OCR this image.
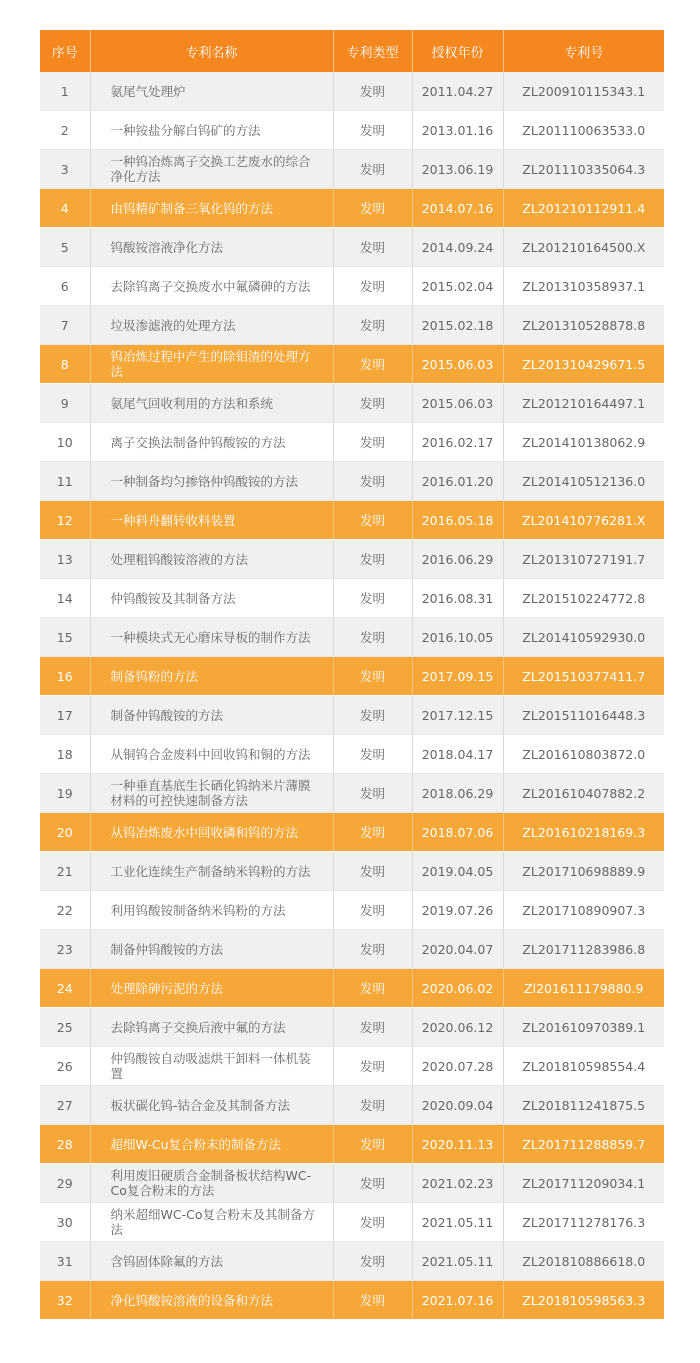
序号	专利名称	专利类型	授权年份	专利号
1	氨尾气处理炉	发明	2011.04.27	ZL200910115343.1
2	一种铵盐分解白钨矿的方法	发明	2013.01.16	ZL201110063533.0
3	一种钨冶炼离子交换工艺废水的综合净化方法	发明	2013.06.19	ZL201110335064.3
4	由钨精矿制备三氧化钨的方法	发明	2014.07.16	ZL201210112911.4
5	钨酸铵溶液净化方法	发明	2014.09.24	ZL201210164500.X
6	去除钨离子交换废水中氟磷砷的方法	发明	2015.02.04	ZL201310358937.1
7	垃圾渗滤液的处理方法	发明	2015.02.18	ZL201310528878.8
8	钨冶炼过程中产生的除钼渣的处理方法	发明	2015.06.03	ZL201310429671.5
9	氨尾气回收利用的方法和系统	发明	2015.06.03	ZL201210164497.1
10	离子交换法制备仲钨酸铵的方法	发明	2016.02.17	ZL201410138062.9
11	一种制备均匀掺铬仲钨酸铵的方法	发明	2016.01.20	ZL201410512136.0
12	一种料舟翻转收料装置	发明	2016.05.18	ZL201410776281.X
13	处理粗钨酸铵溶液的方法	发明	2016.06.29	ZL201310727191.7
14	仲钨酸铵及其制备方法	发明	2016.08.31	ZL201510224772.8
15	一种模块式无心磨床导板的制作方法	发明	2016.10.05	ZL201410592930.0
16	制备钨粉的方法	发明	2017.09.15	ZL201510377411.7
17	制备仲钨酸铵的方法	发明	2017.12.15	ZL201511016448.3
18	从铜钨合金废料中回收钨和铜的方法	发明	2018.04.17	ZL201610803872.0
19	一种垂直基底生长硒化钨纳米片薄膜材料的可控快速制备方法	发明	2018.06.29	ZL201610407882.2
20	从钨冶炼废水中回收磷和钨的方法	发明	2018.07.06	ZL201610218169.3
21	工业化连续生产制备纳米钨粉的方法	发明	2019.04.05	ZL201710698889.9
22	利用钨酸铵制备纳米钨粉的方法	发明	2019.07.26	ZL201710890907.3
23	制备仲钨酸铵的方法	发明	2020.04.07	ZL201711283986.8
24	处理除砷污泥的方法	发明	2020.06.02	Zl201611179880.9
25	去除钨离子交换后液中氟的方法	发明	2020.06.12	ZL201610970389.1
26	仲钨酸铵自动吸滤烘干卸料一体机装置	发明	2020.07.28	ZL201810598554.4
27	板状碳化钨-钴合金及其制备方法	发明	2020.09.04	ZL201811241875.5
28	超细W-Cu复合粉末的制备方法	发明	2020.11.13	ZL201711288859.7
29	利用废旧硬质合金制备板状结构WC-Co复合粉末的方法	发明	2021.02.23	ZL201711209034.1
30	纳米超细WC-Co复合粉末及其制备方法	发明	2021.05.11	ZL201711278176.3
31	含钨固体除氟的方法	发明	2021.05.11	ZL201810886618.0
32	净化钨酸铵溶液的设备和方法	发明	2021.07.16	ZL201810598563.3
